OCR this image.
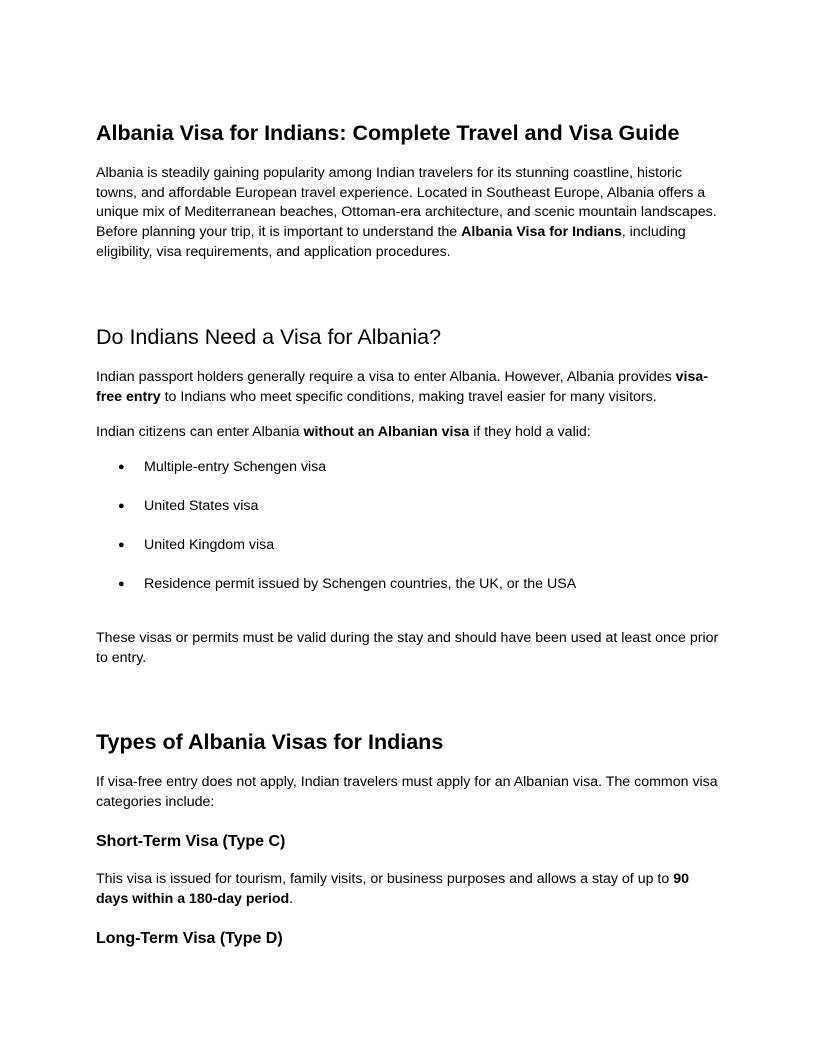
Albania Visa for Indians: Complete Travel and Visa Guide

Albania is steadily gaining popularity among Indian travelers for its stunning coastline, historic towns, and affordable European travel experience. Located in Southeast Europe, Albania offers a unique mix of Mediterranean beaches, Ottoman-era architecture, and scenic mountain landscapes. Before planning your trip, it is important to understand the Albania Visa for Indians, including eligibility, visa requirements, and application procedures.

Do Indians Need a Visa for Albania?

Indian passport holders generally require a visa to enter Albania. However, Albania provides visa-free entry to Indians who meet specific conditions, making travel easier for many visitors.

Indian citizens can enter Albania without an Albanian visa if they hold a valid:

● Multiple-entry Schengen visa
● United States visa
● United Kingdom visa
● Residence permit issued by Schengen countries, the UK, or the USA

These visas or permits must be valid during the stay and should have been used at least once prior to entry.

Types of Albania Visas for Indians

If visa-free entry does not apply, Indian travelers must apply for an Albanian visa. The common visa categories include:

Short-Term Visa (Type C)

This visa is issued for tourism, family visits, or business purposes and allows a stay of up to 90 days within a 180-day period.

Long-Term Visa (Type D)
